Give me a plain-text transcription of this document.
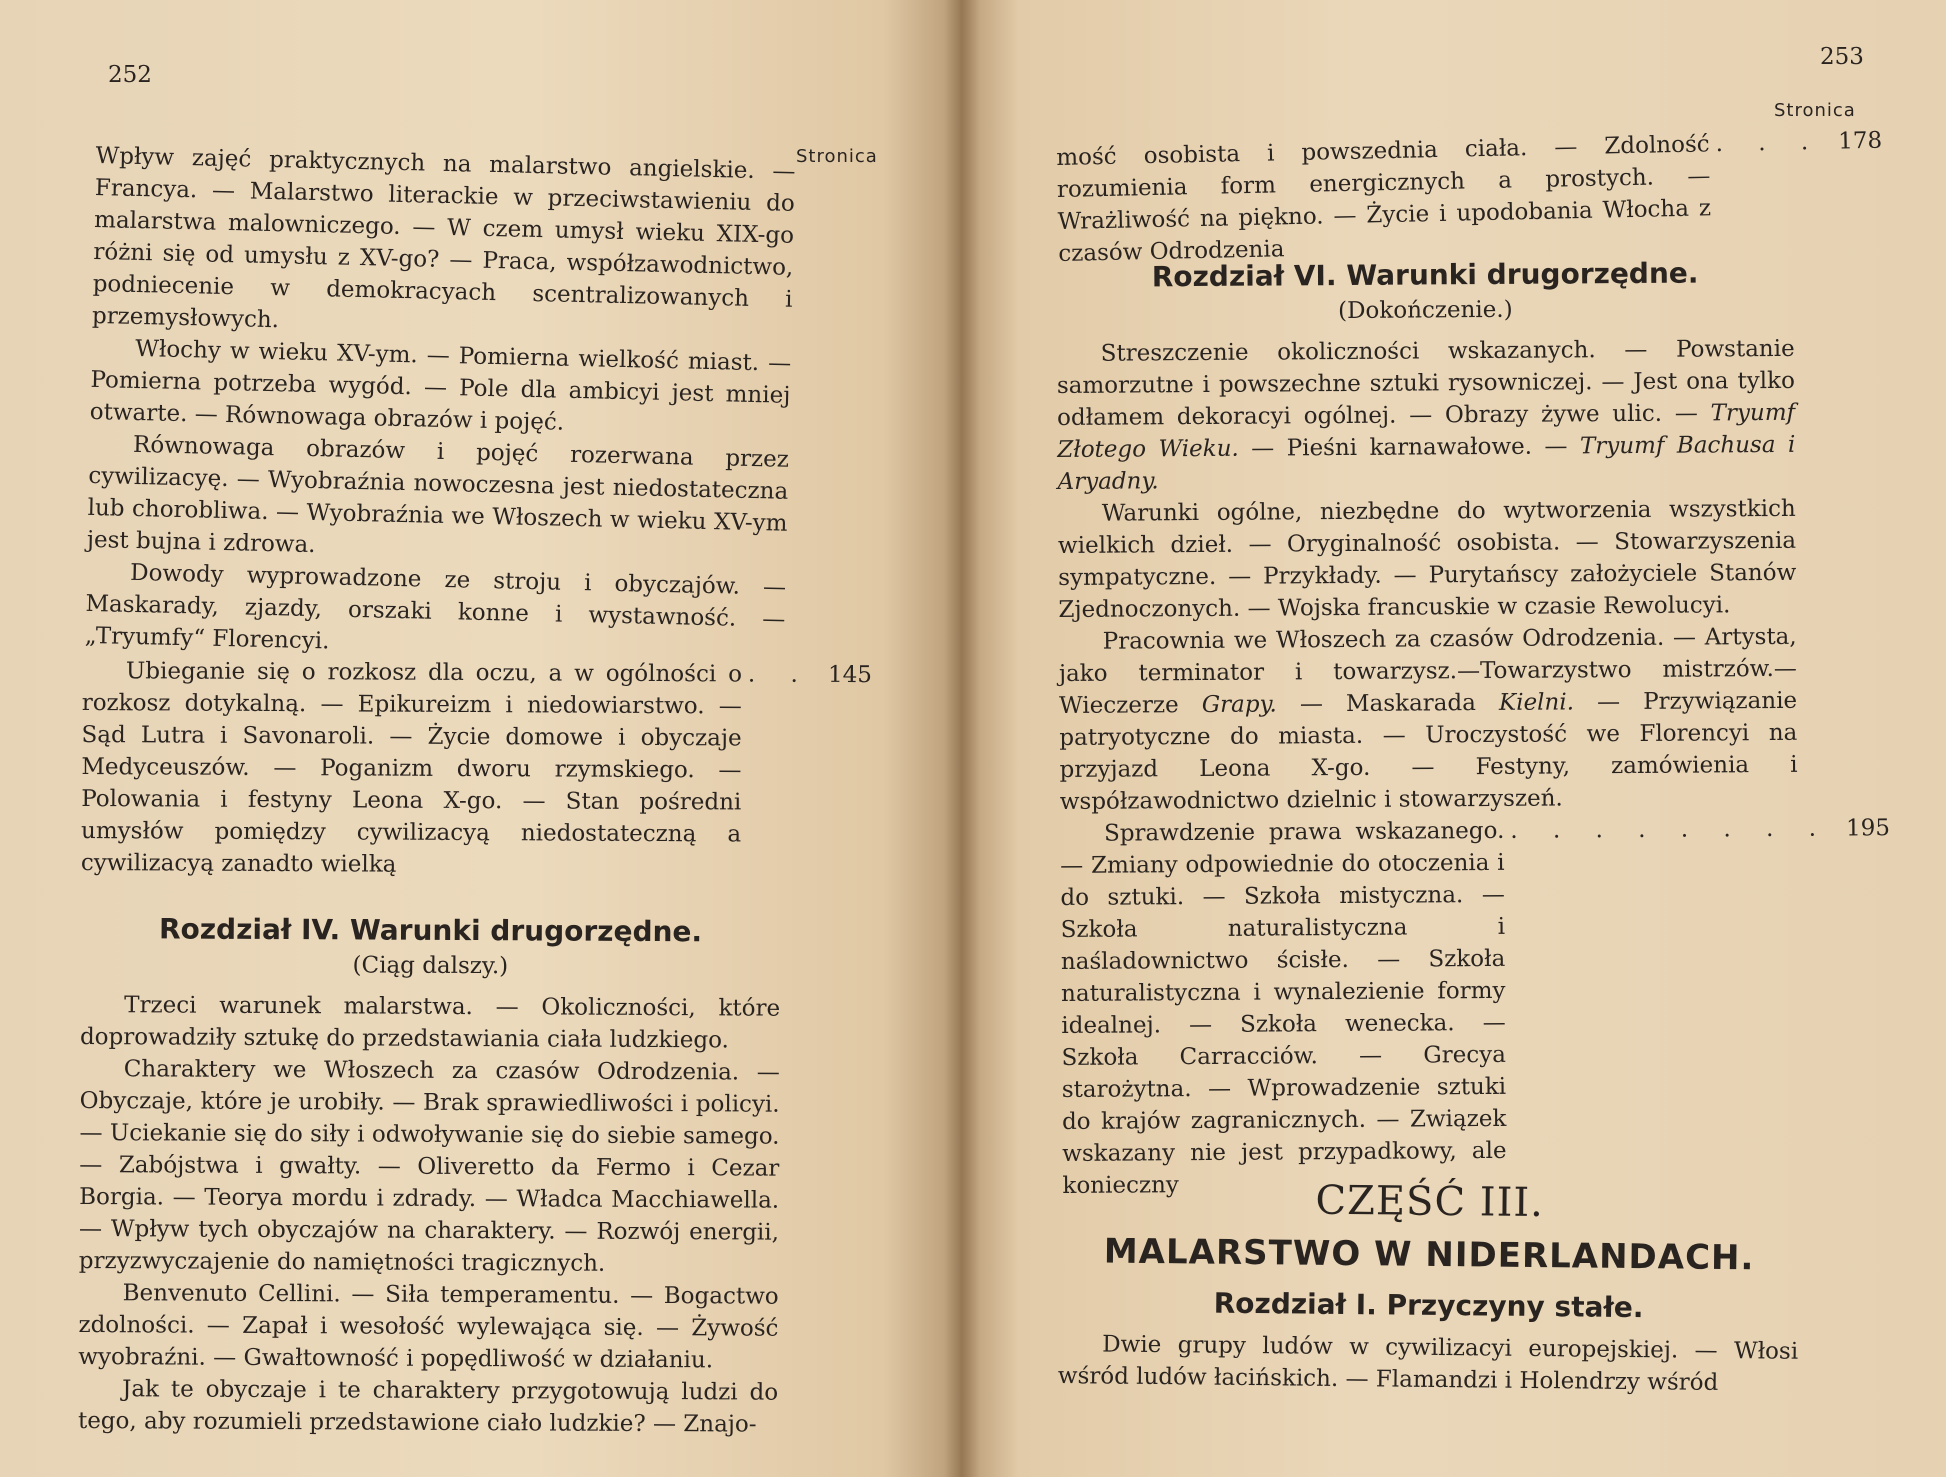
252
Stronica

Wpływ zajęć praktycznych na malarstwo angielskie. — Francya. — Malarstwo literackie w przeciwstawieniu do malarstwa malowniczego. — W czem umysł wieku XIX-go różni się od umysłu z XV-go? — Praca, współzawodnictwo, podniecenie w demokracyach scentralizowanych i przemysłowych.

Włochy w wieku XV-ym. — Pomierna wielkość miast. — Pomierna potrzeba wygód. — Pole dla ambicyi jest mniej otwarte. — Równowaga obrazów i pojęć.

Równowaga obrazów i pojęć rozerwana przez cywilizacyę. — Wyobraźnia nowoczesna jest niedostateczna lub chorobliwa. — Wyobraźnia we Włoszech w wieku XV-ym jest bujna i zdrowa.

Dowody wyprowadzone ze stroju i obyczajów. — Maskarady, zjazdy, orszaki konne i wystawność. — „Tryumfy“ Florencyi.

Ubieganie się o rozkosz dla oczu, a w ogólności o rozkosz dotykalną. — Epikureizm i niedowiarstwo. — Sąd Lutra i Savonaroli. — Życie domowe i obyczaje Medyceuszów. — Poganizm dworu rzymskiego. — Polowania i festyny Leona X-go. — Stan pośredni umysłów pomiędzy cywilizacyą niedostateczną a cywilizacyą zanadto wielką
. . 145
Rozdział IV. Warunki drugorzędne.
(Ciąg dalszy.)

Trzeci warunek malarstwa. — Okoliczności, które doprowadziły sztukę do przedstawiania ciała ludzkiego.

Charaktery we Włoszech za czasów Odrodzenia. — Obyczaje, które je urobiły. — Brak sprawiedliwości i policyi. — Uciekanie się do siły i odwoływanie się do siebie samego. — Zabójstwa i gwałty. — Oliveretto da Fermo i Cezar Borgia. — Teorya mordu i zdrady. — Władca Macchiawella. — Wpływ tych obyczajów na charaktery. — Rozwój energii, przyzwyczajenie do namiętności tragicznych.

Benvenuto Cellini. — Siła temperamentu. — Bogactwo zdolności. — Zapał i wesołość wylewająca się. — Żywość wyobraźni. — Gwałtowność i popędliwość w działaniu.

Jak te obyczaje i te charaktery przygotowują ludzi do tego, aby rozumieli przedstawione ciało ludzkie? — Znajo-

253
Stronica
mość osobista i powszednia ciała. — Zdolność rozumienia form energicznych a prostych. — Wrażliwość na piękno. — Życie i upodobania Włocha z czasów Odrodzenia
. . . 178
Rozdział VI. Warunki drugorzędne.
(Dokończenie.)

Streszczenie okoliczności wskazanych. — Powstanie samorzutne i powszechne sztuki rysowniczej. — Jest ona tylko odłamem dekoracyi ogólnej. — Obrazy żywe ulic. — Tryumf Złotego Wieku. — Pieśni karnawałowe. — Tryumf Bachusa i Aryadny.

Warunki ogólne, niezbędne do wytworzenia wszystkich wielkich dzieł. — Oryginalność osobista. — Stowarzyszenia sympatyczne. — Przykłady. — Purytańscy założyciele Stanów Zjednoczonych. — Wojska francuskie w czasie Rewolucyi.

Pracownia we Włoszech za czasów Odrodzenia. — Artysta, jako terminator i towarzysz.—Towarzystwo mistrzów.— Wieczerze Grapy. — Maskarada Kielni. — Przywiązanie patryotyczne do miasta. — Uroczystość we Florencyi na przyjazd Leona X-go. — Festyny, zamówienia i współzawodnictwo dzielnic i stowarzyszeń.

Sprawdzenie prawa wskazanego. — Zmiany odpowiednie do otoczenia i do sztuki. — Szkoła mistyczna. — Szkoła naturalistyczna i naśladownictwo ścisłe. — Szkoła naturalistyczna i wynalezienie formy idealnej. — Szkoła wenecka. — Szkoła Carracciów. — Grecya starożytna. — Wprowadzenie sztuki do krajów zagranicznych. — Związek wskazany nie jest przypadkowy, ale konieczny
. . . . . . . . 195
CZĘŚĆ III.
MALARSTWO W NIDERLANDACH.
Rozdział I. Przyczyny stałe.

Dwie grupy ludów w cywilizacyi europejskiej. — Włosi wśród ludów łacińskich. — Flamandzi i Holendrzy wśród
